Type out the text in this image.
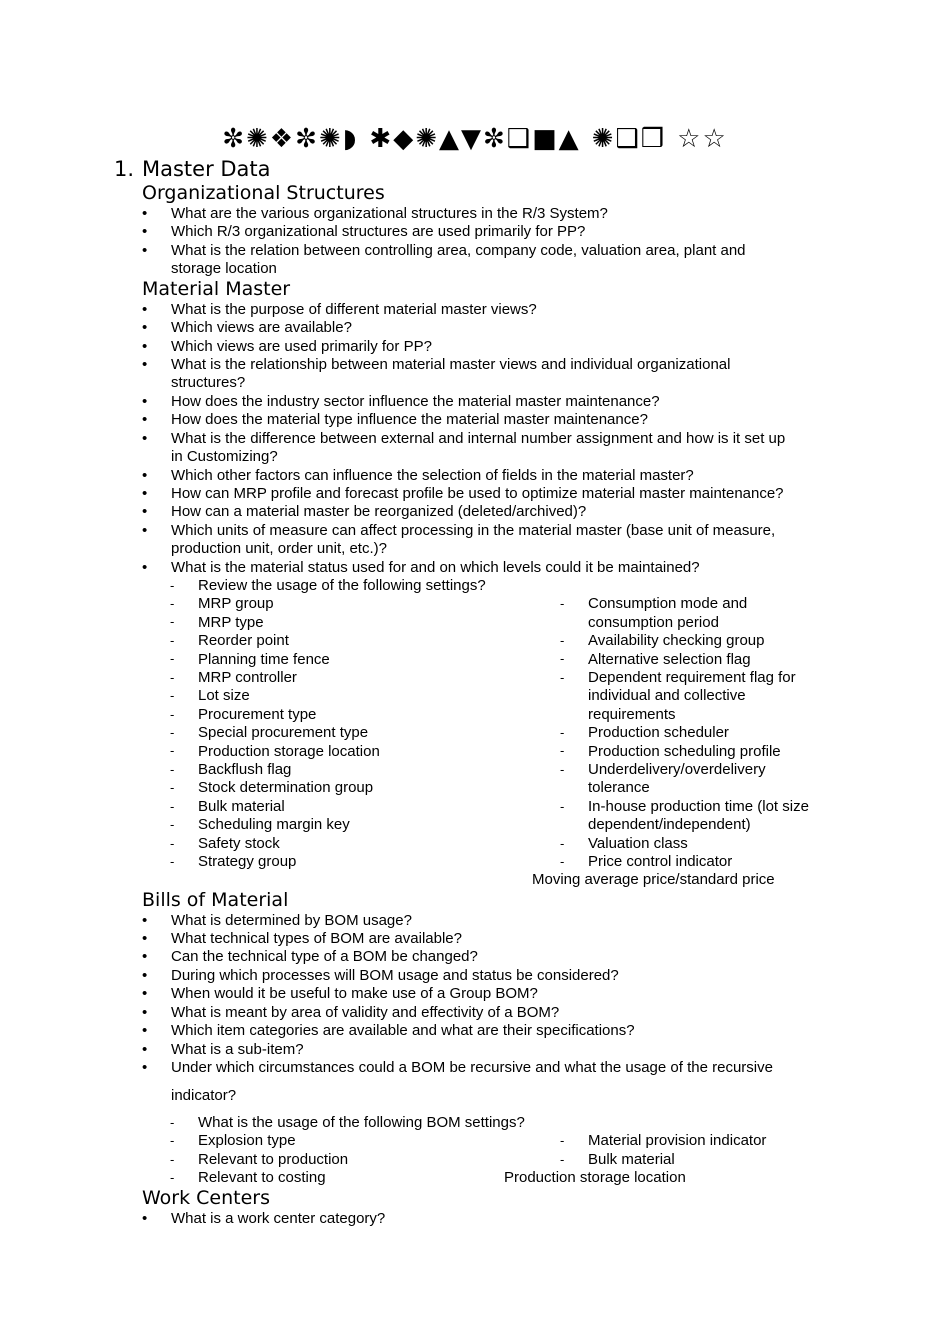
✼✺❖✼✺◗ ✱◆✺▲▼✼❑■▲ ✺❑❒ ☆☆
1. Master Data
Organizational Structures
• What are the various organizational structures in the R/3 System?
• Which R/3 organizational structures are used primarily for PP?
• What is the relation between controlling area, company code, valuation area, plant and
storage location
Material Master
• What is the purpose of different material master views?
• Which views are available?
• Which views are used primarily for PP?
• What is the relationship between material master views and individual organizational
structures?
• How does the industry sector influence the material master maintenance?
• How does the material type influence the material master maintenance?
• What is the difference between external and internal number assignment and how is it set up
in Customizing?
• Which other factors can influence the selection of fields in the material master?
• How can MRP profile and forecast profile be used to optimize material master maintenance?
• How can a material master be reorganized (deleted/archived)?
• Which units of measure can affect processing in the material master (base unit of measure,
production unit, order unit, etc.)?
• What is the material status used for and on which levels could it be maintained?
- Review the usage of the following settings?
- MRP group
- MRP type
- Reorder point
- Planning time fence
- MRP controller
- Lot size
- Procurement type
- Special procurement type
- Production storage location
- Backflush flag
- Stock determination group
- Bulk material
- Scheduling margin key
- Safety stock
- Strategy group
- Consumption mode and
consumption period
- Availability checking group
- Alternative selection flag
- Dependent requirement flag for
individual and collective
requirements
- Production scheduler
- Production scheduling profile
- Underdelivery/overdelivery
tolerance
- In-house production time (lot size
dependent/independent)
- Valuation class
- Price control indicator
Moving average price/standard price
Bills of Material
• What is determined by BOM usage?
• What technical types of BOM are available?
• Can the technical type of a BOM be changed?
• During which processes will BOM usage and status be considered?
• When would it be useful to make use of a Group BOM?
• What is meant by area of validity and effectivity of a BOM?
• Which item categories are available and what are their specifications?
• What is a sub-item?
• Under which circumstances could a BOM be recursive and what the usage of the recursive
indicator?
- What is the usage of the following BOM settings?
- Explosion type
- Relevant to production
- Relevant to costing
- Material provision indicator
- Bulk material
Production storage location
Work Centers
• What is a work center category?
